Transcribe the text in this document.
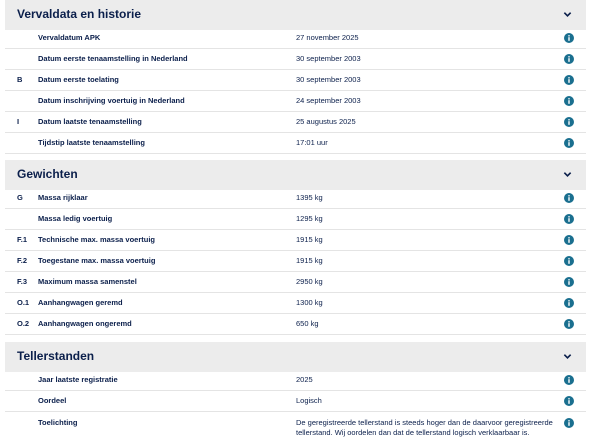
Vervaldata en historie
Vervaldatum APK	27 november 2025
Datum eerste tenaamstelling in Nederland	30 september 2003
B Datum eerste toelating	30 september 2003
Datum inschrijving voertuig in Nederland	24 september 2003
I	Datum laatste tenaamstelling	25 augustus 2025
Tijdstip laatste tenaamstelling	17:01 uur
Gewichten
G Massa rijklaar	1395 kg
Massa ledig voertuig	1295 kg
F.1 Technische max. massa voertuig	1915 kg
F.2 Toegestane max. massa voertuig	1915 kg
F.3 Maximum massa samenstel	2950 kg
O.1 Aanhangwagen geremd	1300 kg
O.2 Aanhangwagen ongeremd	650 kg
Tellerstanden
Jaar laatste registratie	2025
Oordeel	Logisch
Toelichting	De geregistreerde tellerstand is steeds hoger dan de daarvoor geregistreerde tellerstand. Wij oordelen dan dat de tellerstand logisch verklaarbaar is.
